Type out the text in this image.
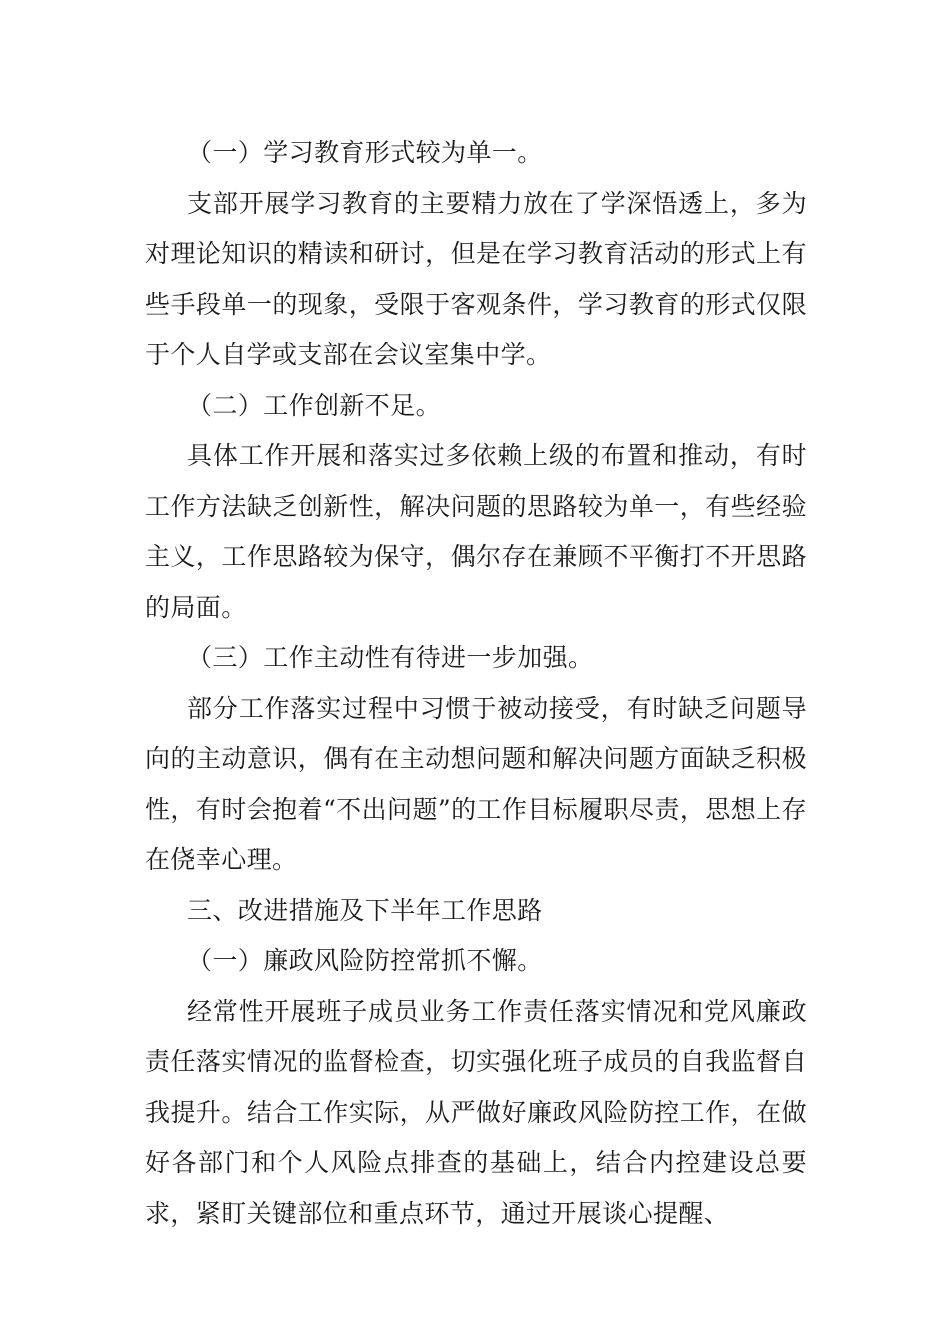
（一）学习教育形式较为单一。

支部开展学习教育的主要精力放在了学深悟透上，多为对理论知识的精读和研讨，但是在学习教育活动的形式上有些手段单一的现象，受限于客观条件，学习教育的形式仅限于个人自学或支部在会议室集中学。

（二）工作创新不足。

具体工作开展和落实过多依赖上级的布置和推动，有时工作方法缺乏创新性，解决问题的思路较为单一，有些经验主义，工作思路较为保守，偶尔存在兼顾不平衡打不开思路的局面。

（三）工作主动性有待进一步加强。

部分工作落实过程中习惯于被动接受，有时缺乏问题导向的主动意识，偶有在主动想问题和解决问题方面缺乏积极性，有时会抱着“不出问题”的工作目标履职尽责，思想上存在侥幸心理。

三、改进措施及下半年工作思路

（一）廉政风险防控常抓不懈。

经常性开展班子成员业务工作责任落实情况和党风廉政责任落实情况的监督检查，切实强化班子成员的自我监督自我提升。结合工作实际，从严做好廉政风险防控工作，在做好各部门和个人风险点排查的基础上，结合内控建设总要求，紧盯关键部位和重点环节，通过开展谈心提醒、
